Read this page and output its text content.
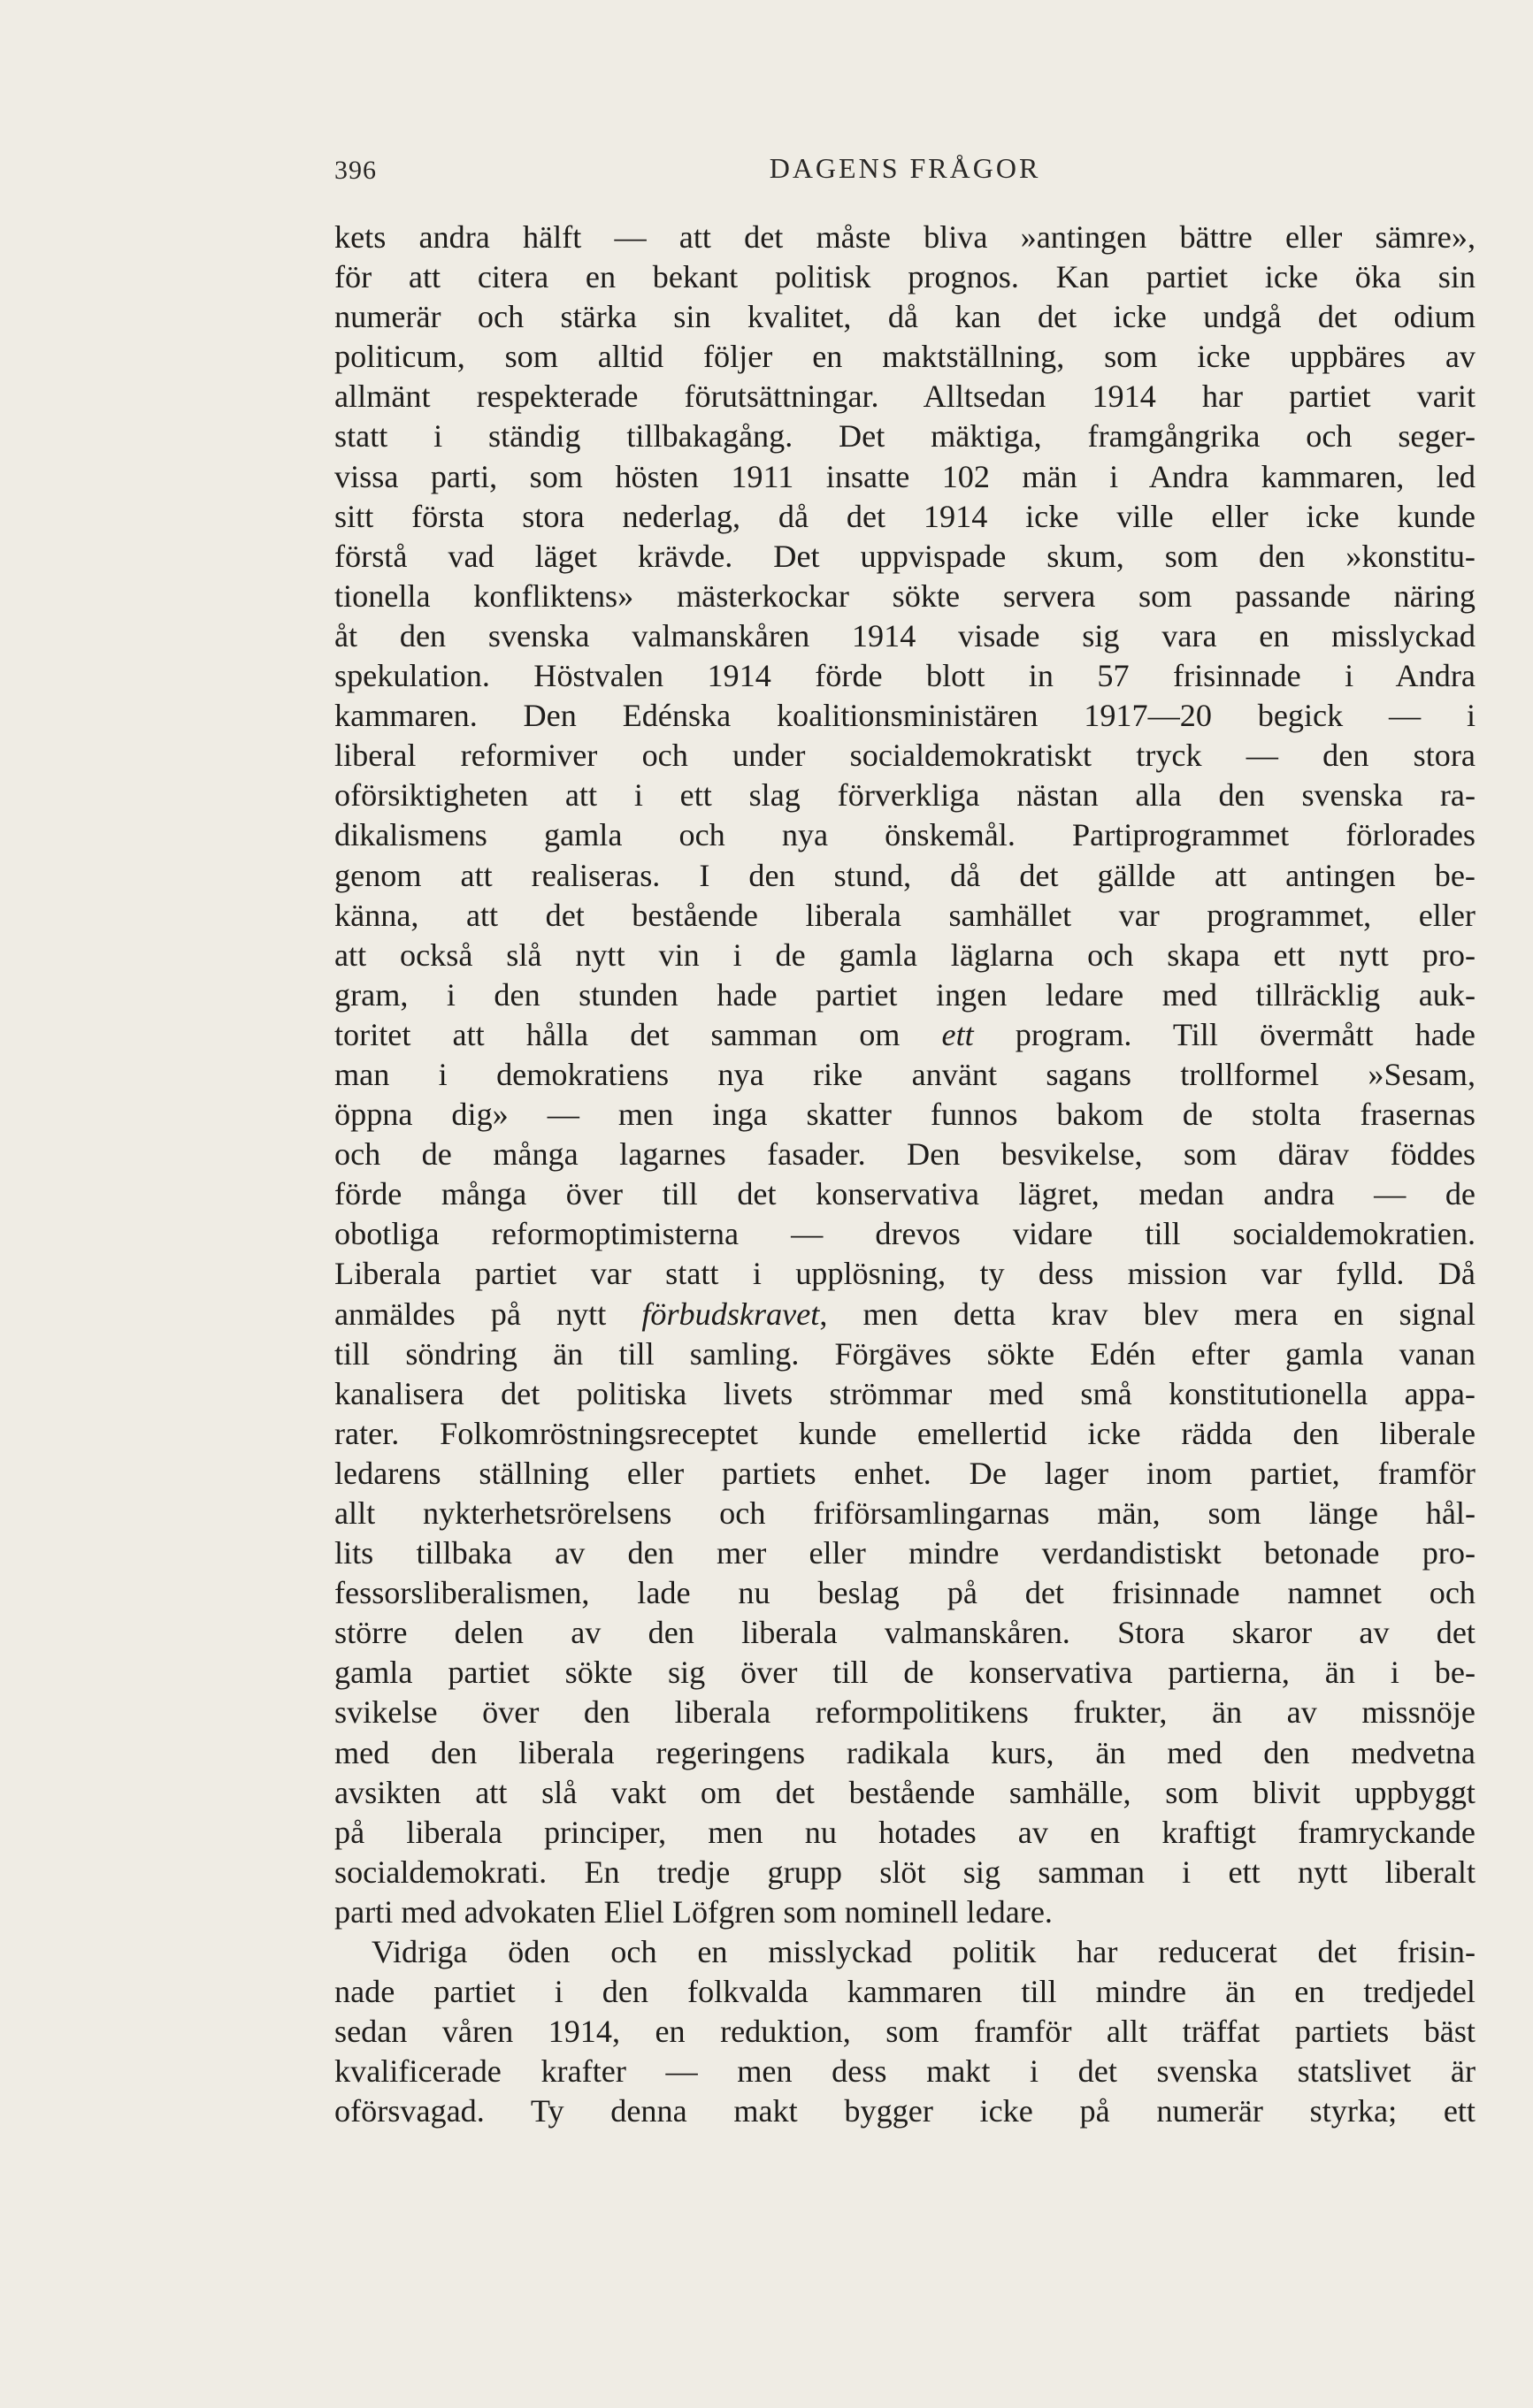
396	DAGENS FRÅGOR
kets andra hälft — att det måste bliva »antingen bättre eller sämre»,
för att citera en bekant politisk prognos. Kan partiet icke öka sin
numerär och stärka sin kvalitet, då kan det icke undgå det odium
politicum, som alltid följer en maktställning, som icke uppbäres av
allmänt respekterade förutsättningar. Alltsedan 1914 har partiet varit
statt i ständig tillbakagång. Det mäktiga, framgångrika och seger-
vissa parti, som hösten 1911 insatte 102 män i Andra kammaren, led
sitt första stora nederlag, då det 1914 icke ville eller icke kunde
förstå vad läget krävde. Det uppvispade skum, som den »konstitu-
tionella konfliktens» mästerkockar sökte servera som passande näring
åt den svenska valmanskåren 1914 visade sig vara en misslyckad
spekulation. Höstvalen 1914 förde blott in 57 frisinnade i Andra
kammaren. Den Edénska koalitionsministären 1917—20 begick — i
liberal reformiver och under socialdemokratiskt tryck — den stora
oförsiktigheten att i ett slag förverkliga nästan alla den svenska ra-
dikalismens gamla och nya önskemål. Partiprogrammet förlorades
genom att realiseras. I den stund, då det gällde att antingen be-
känna, att det bestående liberala samhället var programmet, eller
att också slå nytt vin i de gamla läglarna och skapa ett nytt pro-
gram, i den stunden hade partiet ingen ledare med tillräcklig auk-
toritet att hålla det samman om ett program. Till övermått hade
man i demokratiens nya rike använt sagans trollformel »Sesam,
öppna dig» — men inga skatter funnos bakom de stolta frasernas
och de många lagarnes fasader. Den besvikelse, som därav föddes
förde många över till det konservativa lägret, medan andra — de
obotliga reformoptimisterna — drevos vidare till socialdemokratien.
Liberala partiet var statt i upplösning, ty dess mission var fylld. Då
anmäldes på nytt förbudskravet, men detta krav blev mera en signal
till söndring än till samling. Förgäves sökte Edén efter gamla vanan
kanalisera det politiska livets strömmar med små konstitutionella appa-
rater. Folkomröstningsreceptet kunde emellertid icke rädda den liberale
ledarens ställning eller partiets enhet. De lager inom partiet, framför
allt nykterhetsrörelsens och friförsamlingarnas män, som länge hål-
lits tillbaka av den mer eller mindre verdandistiskt betonade pro-
fessorsliberalismen, lade nu beslag på det frisinnade namnet och
större delen av den liberala valmanskåren. Stora skaror av det
gamla partiet sökte sig över till de konservativa partierna, än i be-
svikelse över den liberala reformpolitikens frukter, än av missnöje
med den liberala regeringens radikala kurs, än med den medvetna
avsikten att slå vakt om det bestående samhälle, som blivit uppbyggt
på liberala principer, men nu hotades av en kraftigt framryckande
socialdemokrati. En tredje grupp slöt sig samman i ett nytt liberalt
parti med advokaten Eliel Löfgren som nominell ledare.
Vidriga öden och en misslyckad politik har reducerat det frisin-
nade partiet i den folkvalda kammaren till mindre än en tredjedel
sedan våren 1914, en reduktion, som framför allt träffat partiets bäst
kvalificerade krafter — men dess makt i det svenska statslivet är
oförsvagad. Ty denna makt bygger icke på numerär styrka; ett
